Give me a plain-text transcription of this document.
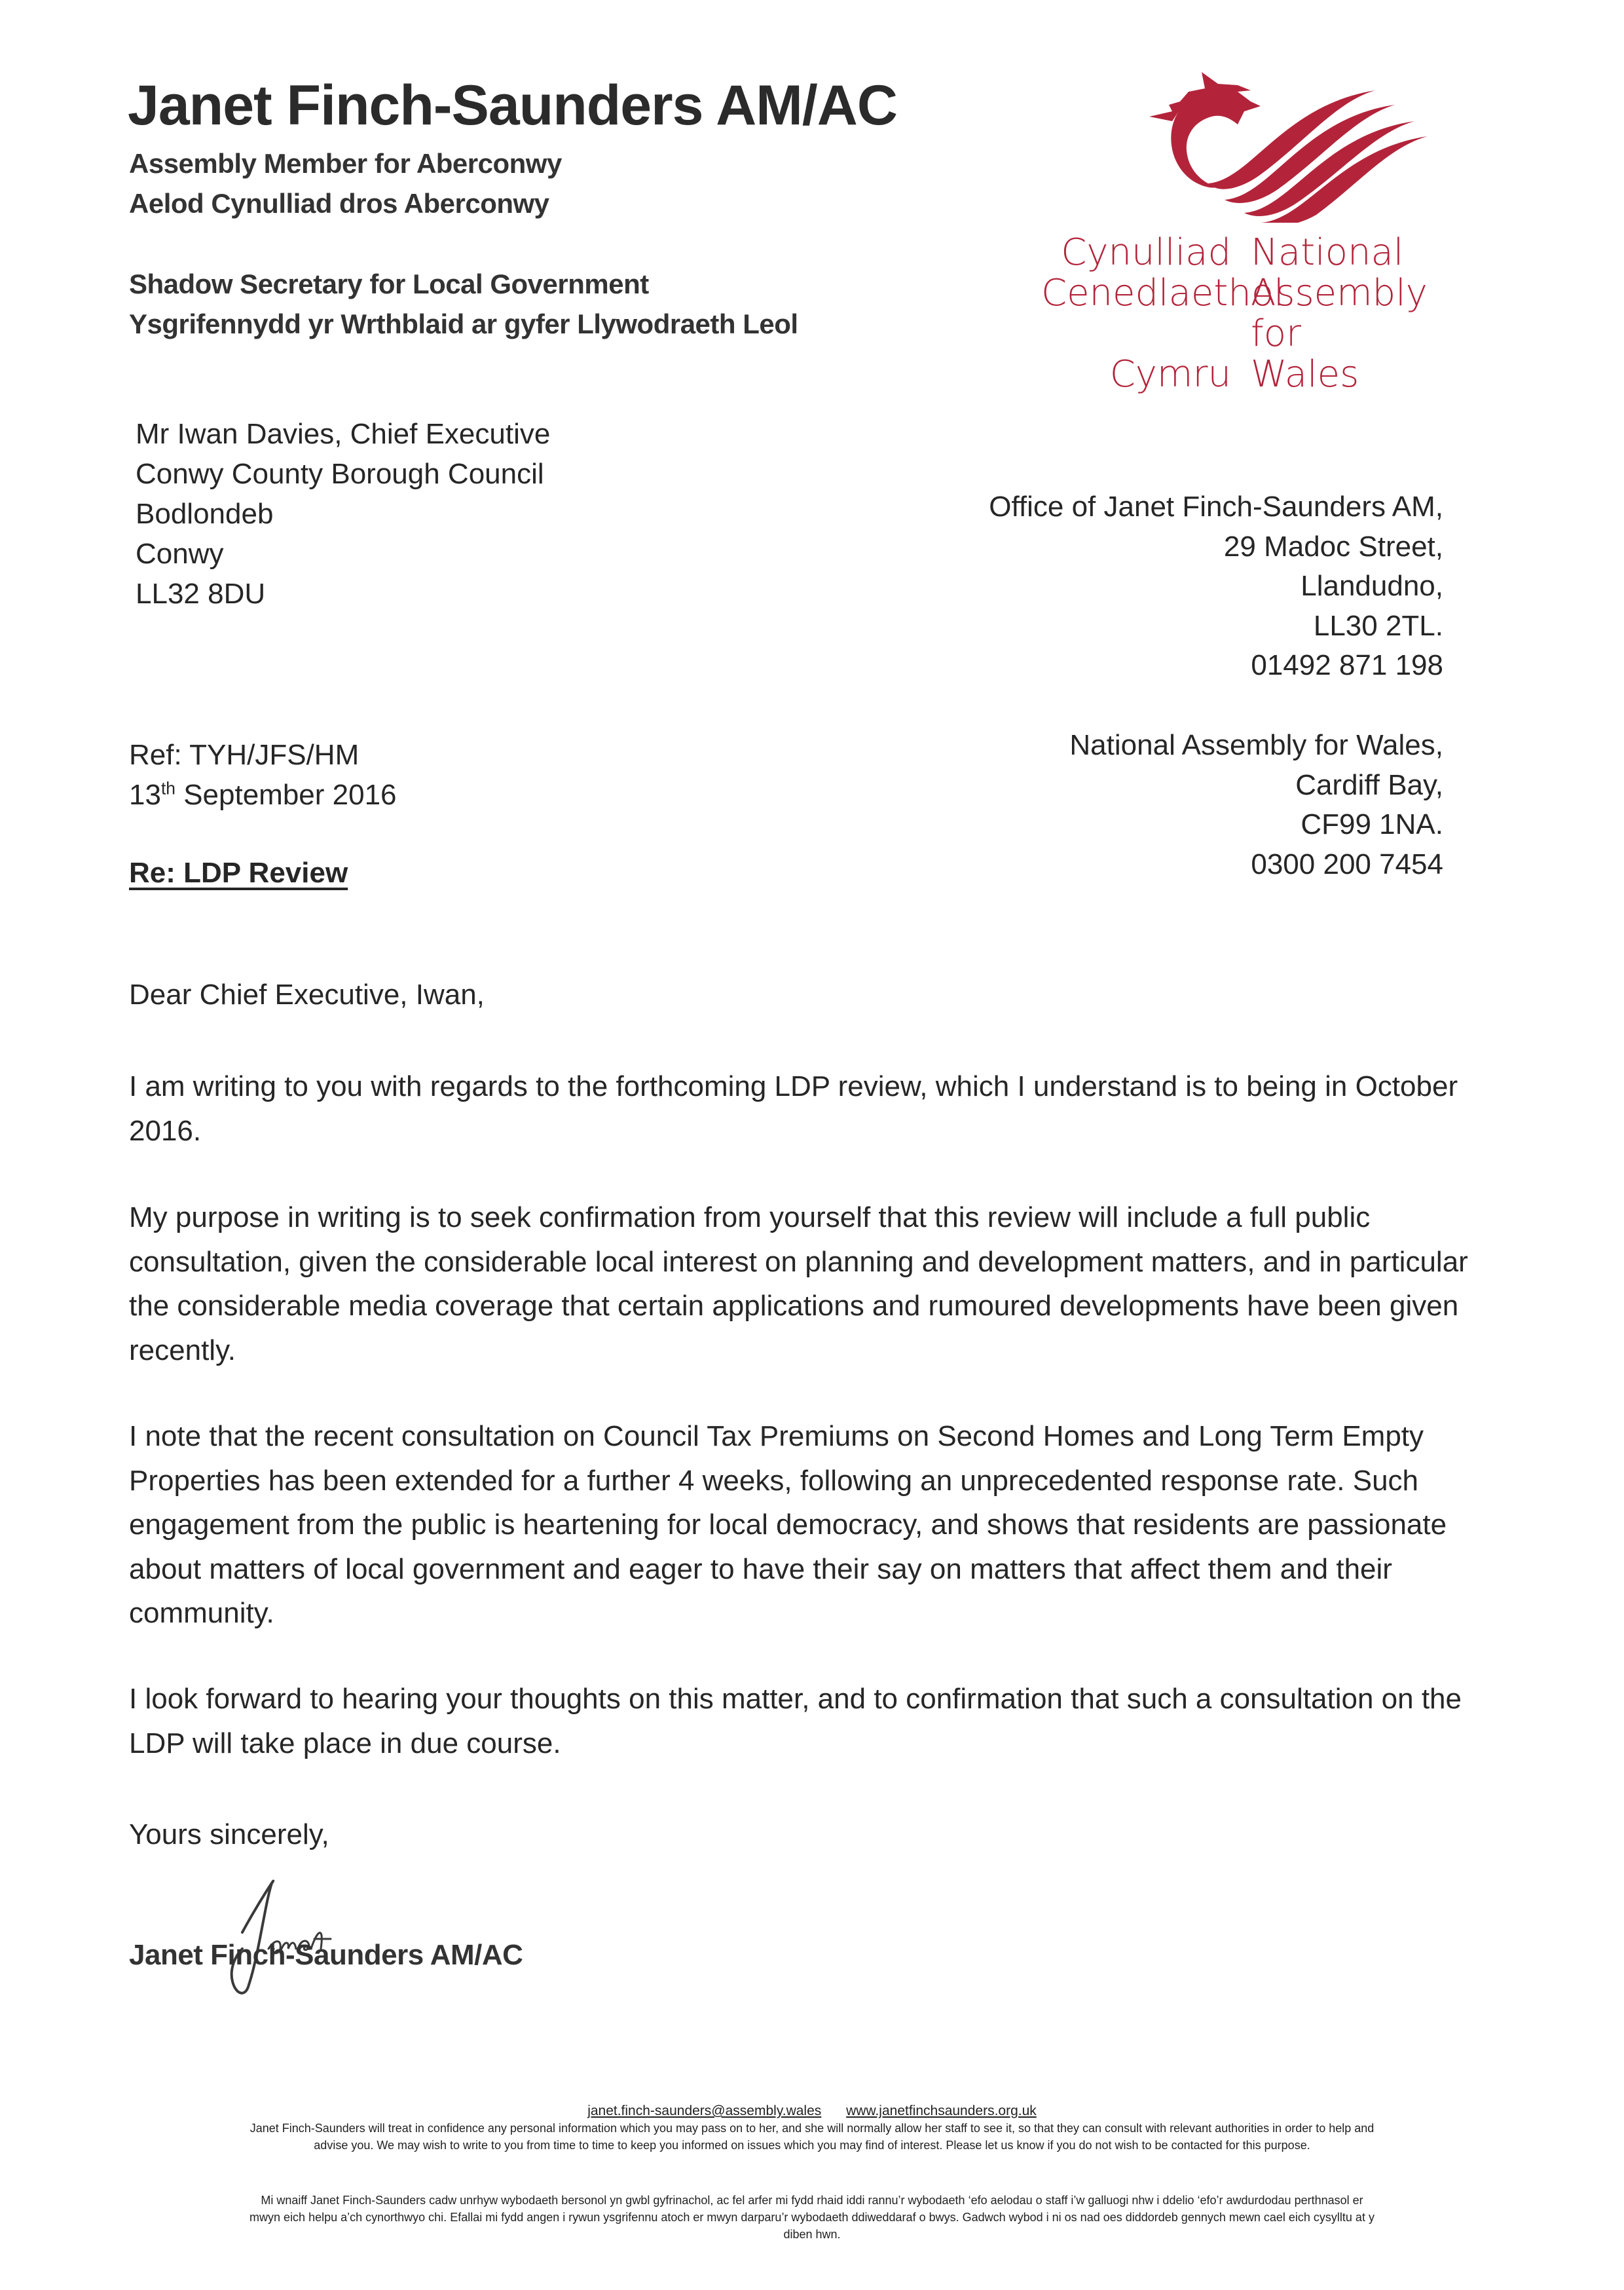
Janet Finch-Saunders AM/AC
Assembly Member for Aberconwy
Aelod Cynulliad dros Aberconwy
Shadow Secretary for Local Government
Ysgrifennydd yr Wrthblaid ar gyfer Llywodraeth Leol
Cynulliad National
Cenedlaethol
Assembly for
Cymru Wales
Mr Iwan Davies, Chief Executive
Conwy County Borough Council
Bodlondeb
Conwy
LL32 8DU
Office of Janet Finch-Saunders AM,
29 Madoc Street,
Llandudno,
LL30 2TL.
01492 871 198
National Assembly for Wales,
Cardiff Bay,
CF99 1NA.
0300 200 7454
Ref: TYH/JFS/HM
13th September 2016
Re: LDP Review
Dear Chief Executive, Iwan,
I am writing to you with regards to the forthcoming LDP review, which I understand is to being in October 2016.
My purpose in writing is to seek confirmation from yourself that this review will include a full public consultation, given the considerable local interest on planning and development matters, and in particular the considerable media coverage that certain applications and rumoured developments have been given recently.
I note that the recent consultation on Council Tax Premiums on Second Homes and Long Term Empty Properties has been extended for a further 4 weeks, following an unprecedented response rate. Such engagement from the public is heartening for local democracy, and shows that residents are passionate about matters of local government and eager to have their say on matters that affect them and their community.
I look forward to hearing your thoughts on this matter, and to confirmation that such a consultation on the LDP will take place in due course.
Yours sincerely,
Janet Finch-Saunders AM/AC
janet.finch-saunders@assembly.wales www.janetfinchsaunders.org.uk
Janet Finch-Saunders will treat in confidence any personal information which you may pass on to her, and she will normally allow her staff to see it, so that they can consult with relevant authorities in order to help and advise you. We may wish to write to you from time to time to keep you informed on issues which you may find of interest. Please let us know if you do not wish to be contacted for this purpose.
Mi wnaiff Janet Finch-Saunders cadw unrhyw wybodaeth bersonol yn gwbl gyfrinachol, ac fel arfer mi fydd rhaid iddi rannu’r wybodaeth ‘efo aelodau o staff i’w galluogi nhw i ddelio ‘efo’r awdurdodau perthnasol er mwyn eich helpu a’ch cynorthwyo chi. Efallai mi fydd angen i rywun ysgrifennu atoch er mwyn darparu’r wybodaeth ddiweddaraf o bwys. Gadwch wybod i ni os nad oes diddordeb gennych mewn cael eich cysylltu at y diben hwn.
